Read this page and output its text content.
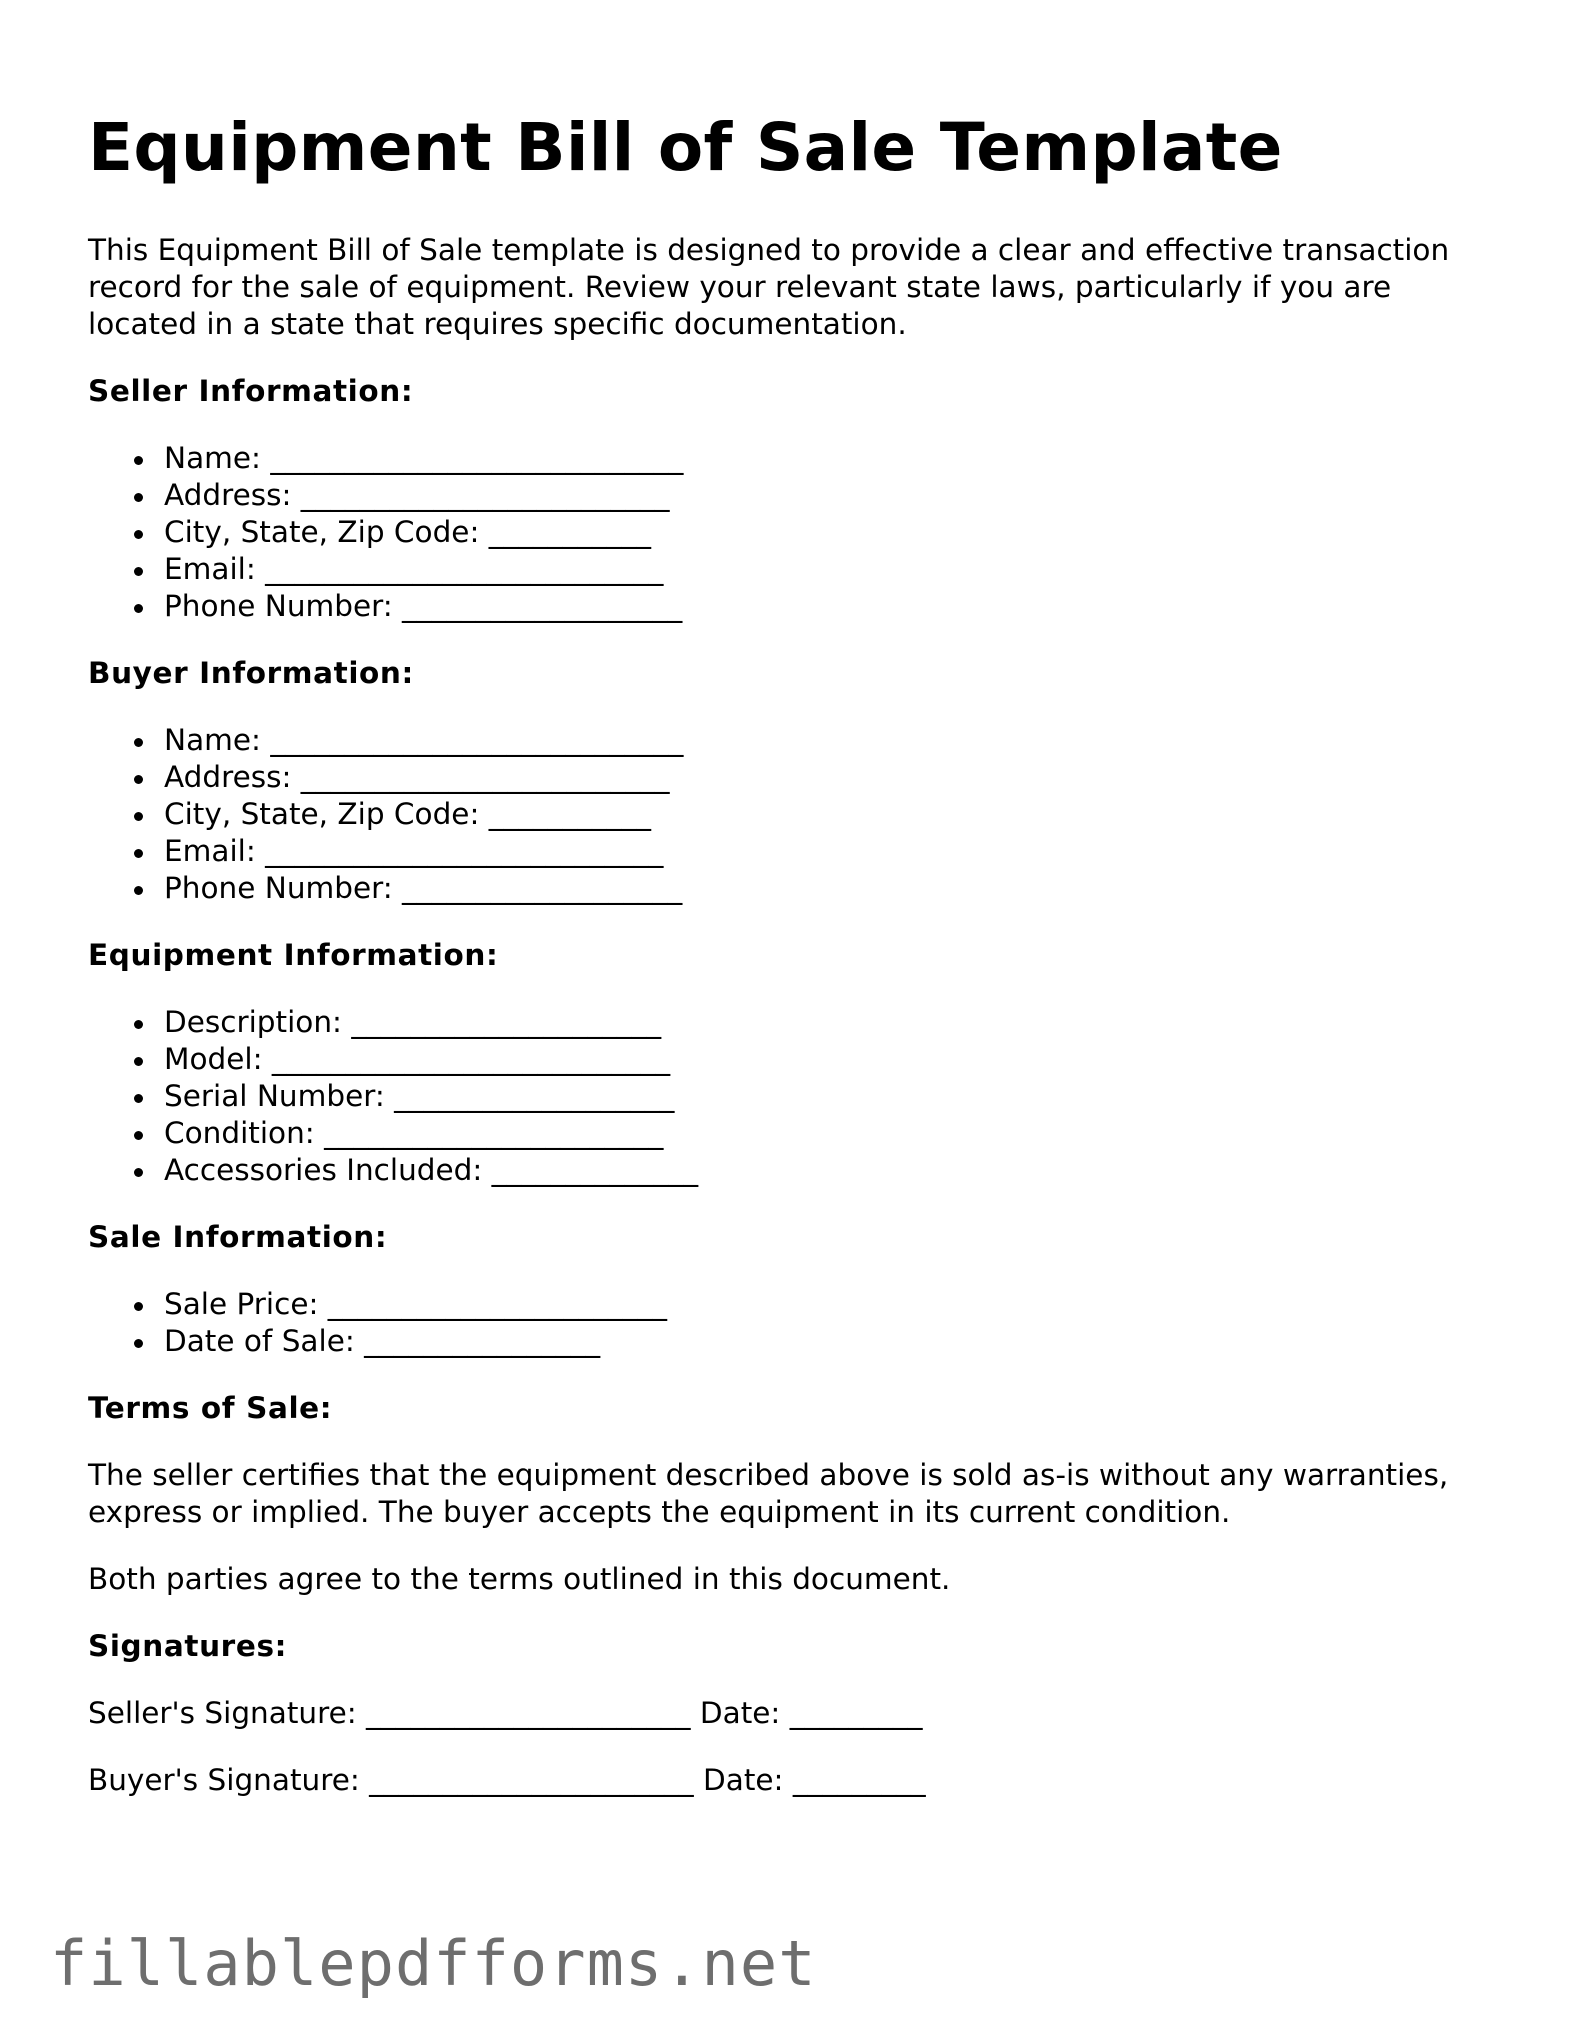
Equipment Bill of Sale Template

This Equipment Bill of Sale template is designed to provide a clear and effective transaction record for the sale of equipment. Review your relevant state laws, particularly if you are located in a state that requires specific documentation.

Seller Information:
Name: ____________________________
Address: _________________________
City, State, Zip Code: ___________
Email: ___________________________
Phone Number: ___________________
Buyer Information:
Name: ____________________________
Address: _________________________
City, State, Zip Code: ___________
Email: ___________________________
Phone Number: ___________________
Equipment Information:
Description: _____________________
Model: ___________________________
Serial Number: ___________________
Condition: _______________________
Accessories Included: ______________
Sale Information:
Sale Price: _______________________
Date of Sale: ________________
Terms of Sale:

The seller certifies that the equipment described above is sold as-is without any warranties, express or implied. The buyer accepts the equipment in its current condition.

Both parties agree to the terms outlined in this document.

Signatures:

Seller's Signature: ______________________ Date: _________

Buyer's Signature: ______________________ Date: _________

fillablepdfforms.net
